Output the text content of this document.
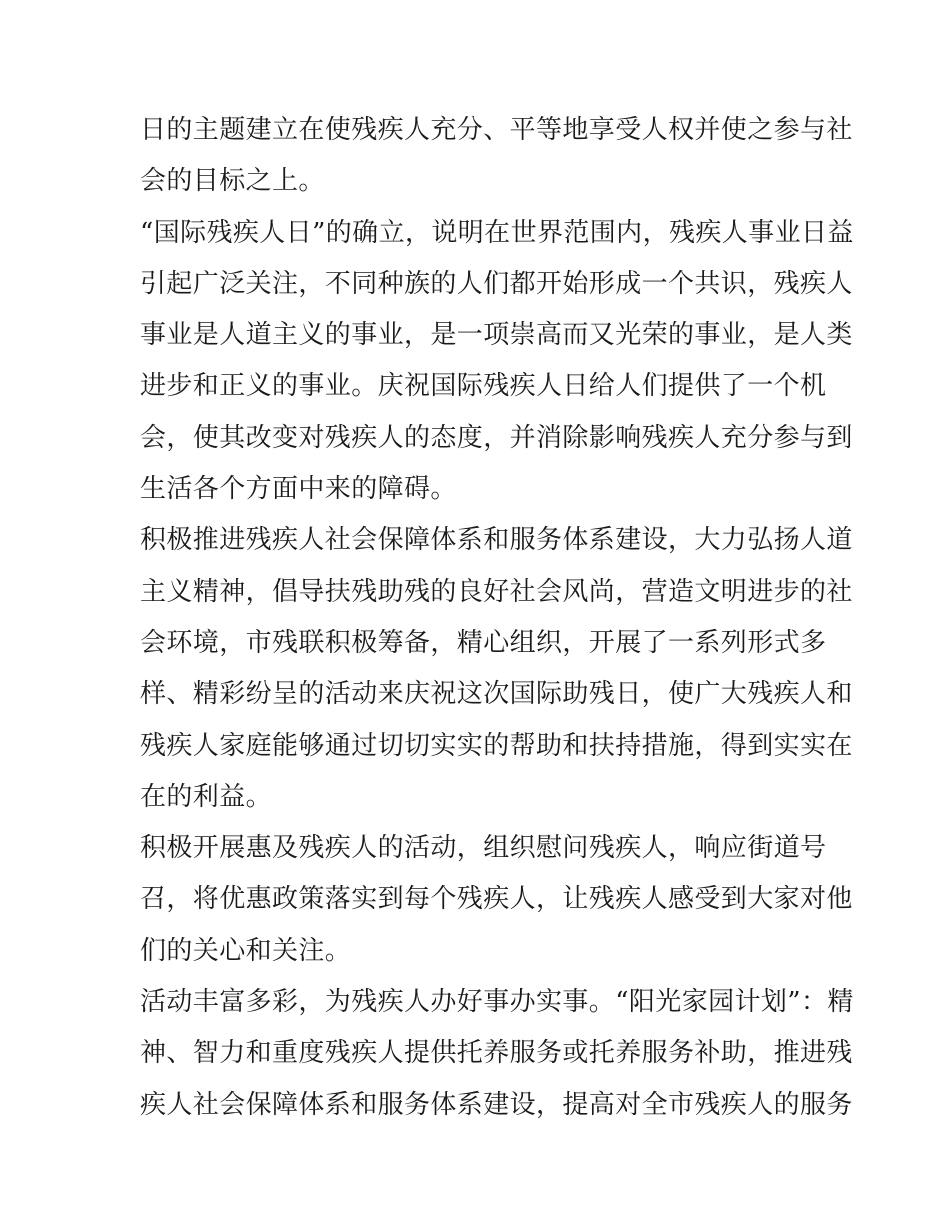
日的主题建立在使残疾人充分、平等地享受人权并使之参与社
会的目标之上。

“国际残疾人日”的确立，说明在世界范围内，残疾人事业日益
引起广泛关注，不同种族的人们都开始形成一个共识，残疾人
事业是人道主义的事业，是一项崇高而又光荣的事业，是人类
进步和正义的事业。庆祝国际残疾人日给人们提供了一个机
会，使其改变对残疾人的态度，并消除影响残疾人充分参与到
生活各个方面中来的障碍。

积极推进残疾人社会保障体系和服务体系建设，大力弘扬人道
主义精神，倡导扶残助残的良好社会风尚，营造文明进步的社
会环境，市残联积极筹备，精心组织，开展了一系列形式多
样、精彩纷呈的活动来庆祝这次国际助残日，使广大残疾人和
残疾人家庭能够通过切切实实的帮助和扶持措施，得到实实在
在的利益。

积极开展惠及残疾人的活动，组织慰问残疾人，响应街道号
召，将优惠政策落实到每个残疾人，让残疾人感受到大家对他
们的关心和关注。

活动丰富多彩，为残疾人办好事办实事。“阳光家园计划”：精
神、智力和重度残疾人提供托养服务或托养服务补助，推进残
疾人社会保障体系和服务体系建设，提高对全市残疾人的服务
